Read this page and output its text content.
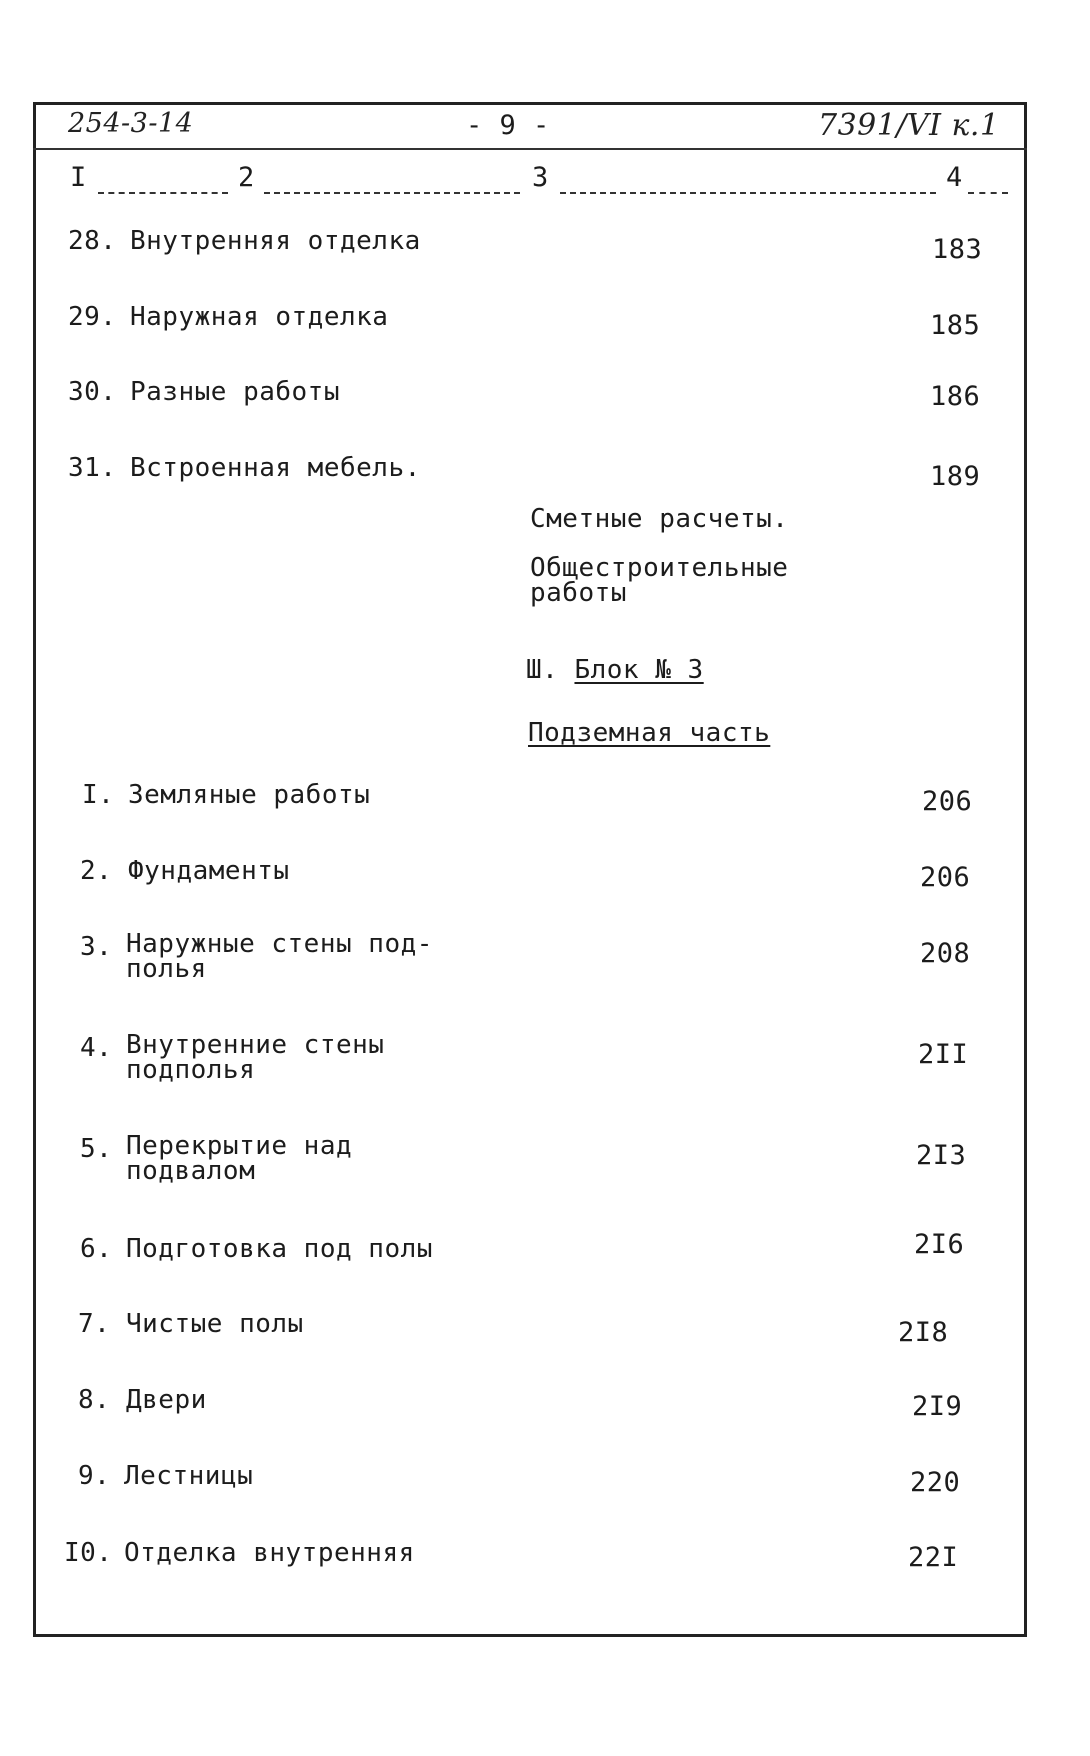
254-3-14	- 9 -	7391/VI к.1
I	2	3	4
28. Внутренняя отделка	183
29. Наружная отделка	185
30. Разные работы	186
31. Встроенная мебель.	189
Сметные расчеты.
Общестроительные
работы
Ш. Блок № 3
Подземная часть
I. Земляные работы	206
2. Фундаменты	206
3. Наружные стены под-
полья	208
4. Внутренние стены
подполья	2II
5. Перекрытие над
подвалом	2I3
6. Подготовка под полы	2I6
7. Чистые полы	2I8
8. Двери	2I9
9. Лестницы	220
I0. Отделка внутренняя	22I
